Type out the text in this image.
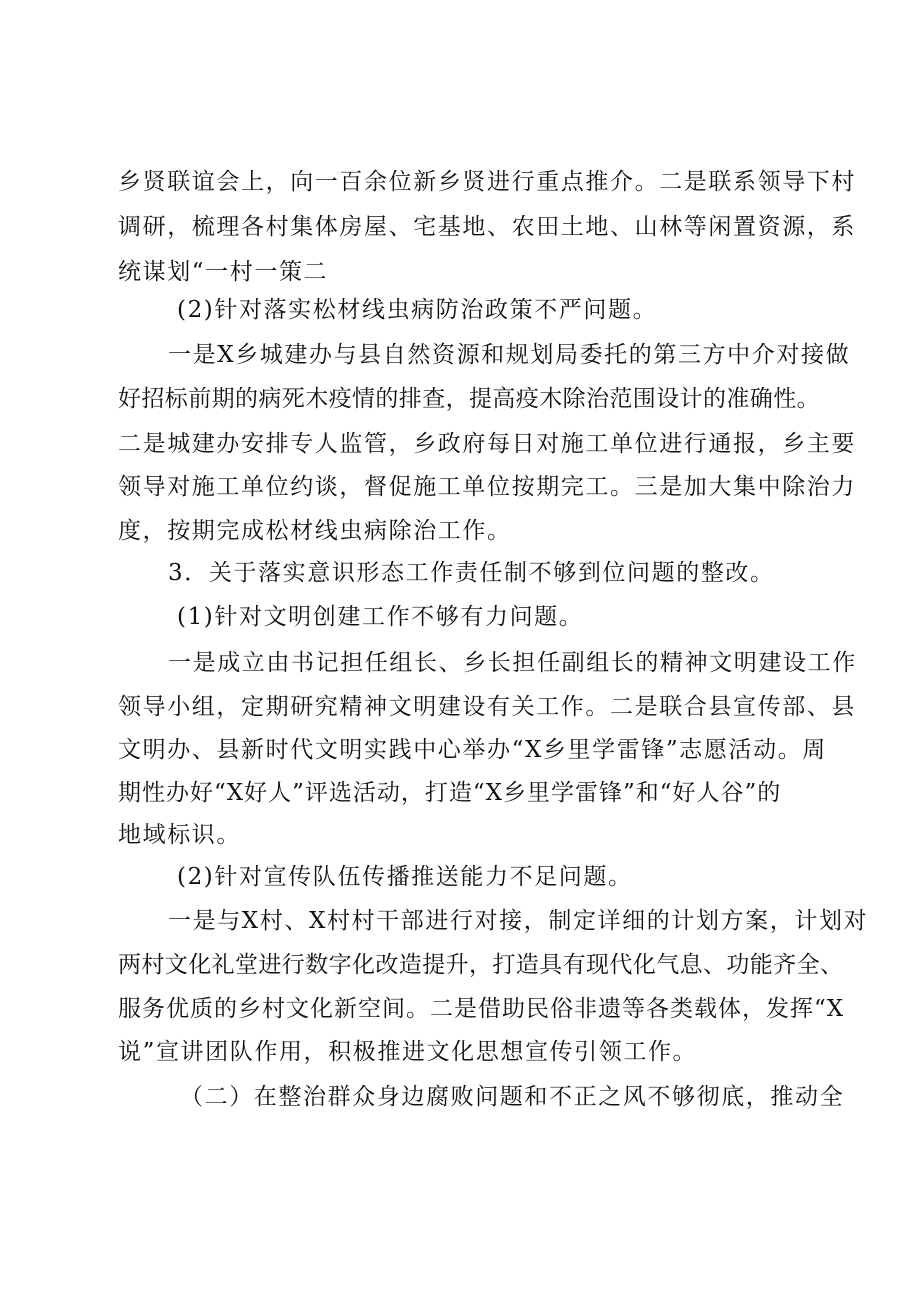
乡贤联谊会上，向一百余位新乡贤进行重点推介。二是联系领导下村
调研，梳理各村集体房屋、宅基地、农田土地、山林等闲置资源，系
统谋划“一村一策二
(2)针对落实松材线虫病防治政策不严问题。
一是X乡城建办与县自然资源和规划局委托的第三方中介对接做
好招标前期的病死木疫情的排查，提高疫木除治范围设计的准确性。
二是城建办安排专人监管，乡政府每日对施工单位进行通报，乡主要
领导对施工单位约谈，督促施工单位按期完工。三是加大集中除治力
度，按期完成松材线虫病除治工作。
3．关于落实意识形态工作责任制不够到位问题的整改。
(1)针对文明创建工作不够有力问题。
一是成立由书记担任组长、乡长担任副组长的精神文明建设工作
领导小组，定期研究精神文明建设有关工作。二是联合县宣传部、县
文明办、县新时代文明实践中心举办“X乡里学雷锋”志愿活动。周
期性办好“X好人”评选活动，打造“X乡里学雷锋”和“好人谷”的
地域标识。
(2)针对宣传队伍传播推送能力不足问题。
一是与X村、X村村干部进行对接，制定详细的计划方案，计划对
两村文化礼堂进行数字化改造提升，打造具有现代化气息、功能齐全、
服务优质的乡村文化新空间。二是借助民俗非遗等各类载体，发挥“X
说”宣讲团队作用，积极推进文化思想宣传引领工作。
（二）在整治群众身边腐败问题和不正之风不够彻底，推动全
